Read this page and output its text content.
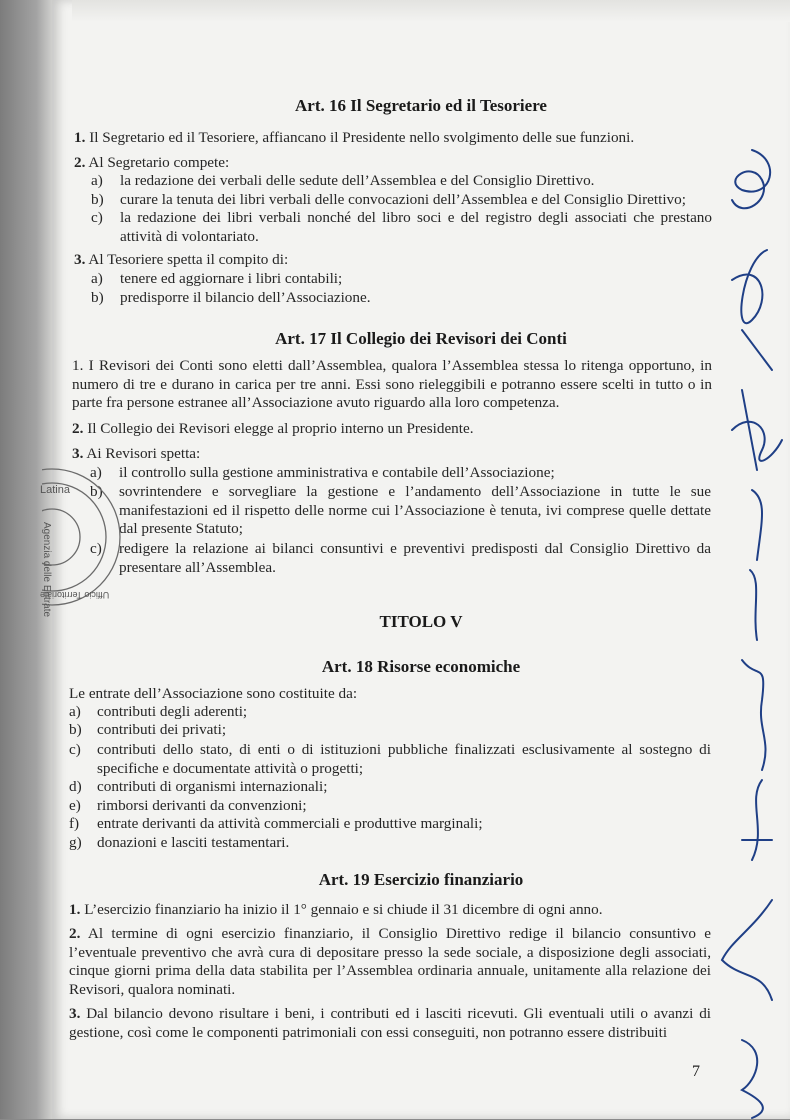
Art. 16 Il Segretario ed il Tesoriere
1. Il Segretario ed il Tesoriere, affiancano il Presidente nello svolgimento delle sue funzioni.
2. Al Segretario compete:
a) la redazione dei verbali delle sedute dell’Assemblea e del Consiglio Direttivo.
b) curare la tenuta dei libri verbali delle convocazioni dell’Assemblea e del Consiglio Direttivo;
c) la redazione dei libri verbali nonché del libro soci e del registro degli associati che prestano attività di volontariato.
3. Al Tesoriere spetta il compito di:
a) tenere ed aggiornare i libri contabili;
b) predisporre il bilancio dell’Associazione.
Art. 17 Il Collegio dei Revisori dei Conti
1. I Revisori dei Conti sono eletti dall’Assemblea, qualora l’Assemblea stessa lo ritenga opportuno, in numero di tre e durano in carica per tre anni. Essi sono rieleggibili e potranno essere scelti in tutto o in parte fra persone estranee all’Associazione avuto riguardo alla loro competenza.
2. Il Collegio dei Revisori elegge al proprio interno un Presidente.
3. Ai Revisori spetta:
a) il controllo sulla gestione amministrativa e contabile dell’Associazione;
b) sovrintendere e sorvegliare la gestione e l’andamento dell’Associazione in tutte le sue manifestazioni ed il rispetto delle norme cui l’Associazione è tenuta, ivi comprese quelle dettate dal presente Statuto;
c) redigere la relazione ai bilanci consuntivi e preventivi predisposti dal Consiglio Direttivo da presentare all’Assemblea.
TITOLO V
Art. 18 Risorse economiche
Le entrate dell’Associazione sono costituite da:
a) contributi degli aderenti;
b) contributi dei privati;
c) contributi dello stato, di enti o di istituzioni pubbliche finalizzati esclusivamente al sostegno di specifiche e documentate attività o progetti;
d) contributi di organismi internazionali;
e) rimborsi derivanti da convenzioni;
f) entrate derivanti da attività commerciali e produttive marginali;
g) donazioni e lasciti testamentari.
Art. 19 Esercizio finanziario
1. L’esercizio finanziario ha inizio il 1° gennaio e si chiude il 31 dicembre di ogni anno.
2. Al termine di ogni esercizio finanziario, il Consiglio Direttivo redige il bilancio consuntivo e l’eventuale preventivo che avrà cura di depositare presso la sede sociale, a disposizione degli associati, cinque giorni prima della data stabilita per l’Assemblea ordinaria annuale, unitamente alla relazione dei Revisori, qualora nominati.
3. Dal bilancio devono risultare i beni, i contributi ed i lasciti ricevuti. Gli eventuali utili o avanzi di gestione, così come le componenti patrimoniali con essi conseguiti, non potranno essere distribuiti
7
Latina
Agenzia delle Entrate
Ufficio Territoriale
